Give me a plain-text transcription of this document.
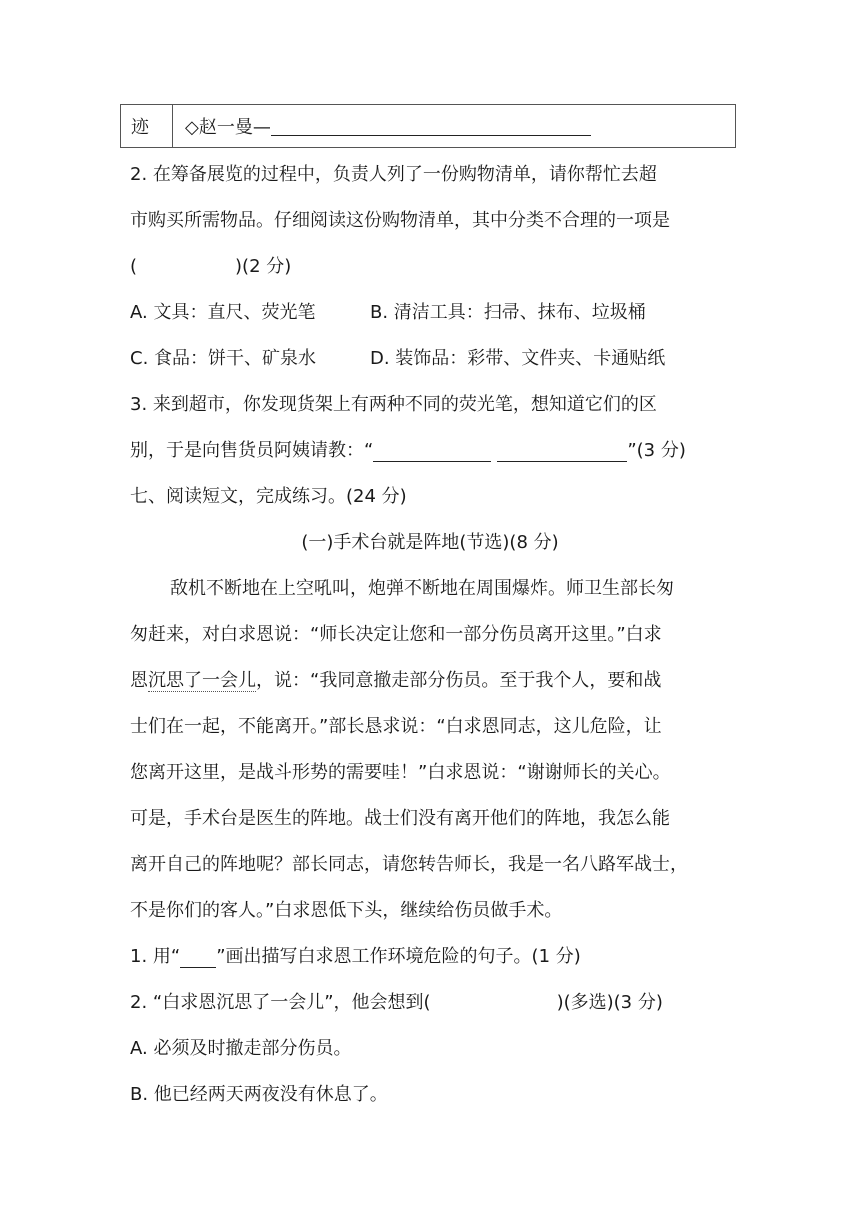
迹	◇赵一曼—
2. 在筹备展览的过程中，负责人列了一份购物清单，请你帮忙去超
市购买所需物品。仔细阅读这份购物清单，其中分类不合理的一项是
(	)(2 分)
A. 文具：直尺、荧光笔	B. 清洁工具：扫帚、抹布、垃圾桶
C. 食品：饼干、矿泉水	D. 装饰品：彩带、文件夹、卡通贴纸
3. 来到超市，你发现货架上有两种不同的荧光笔，想知道它们的区
别，于是向售货员阿姨请教：“	”(3 分)
七、阅读短文，完成练习。(24 分)
(一)手术台就是阵地(节选)(8 分)
敌机不断地在上空吼叫，炮弹不断地在周围爆炸。师卫生部长匆
匆赶来，对白求恩说：“师长决定让您和一部分伤员离开这里。”白求
恩沉思了一会儿，说：“我同意撤走部分伤员。至于我个人，要和战
士们在一起，不能离开。”部长恳求说：“白求恩同志，这儿危险，让
您离开这里，是战斗形势的需要哇！”白求恩说：“谢谢师长的关心。
可是，手术台是医生的阵地。战士们没有离开他们的阵地，我怎么能
离开自己的阵地呢？部长同志，请您转告师长，我是一名八路军战士，
不是你们的客人。”白求恩低下头，继续给伤员做手术。
1. 用“ ”画出描写白求恩工作环境危险的句子。(1 分)
2. “白求恩沉思了一会儿”，他会想到(	)(多选)(3 分)
A. 必须及时撤走部分伤员。
B. 他已经两天两夜没有休息了。
